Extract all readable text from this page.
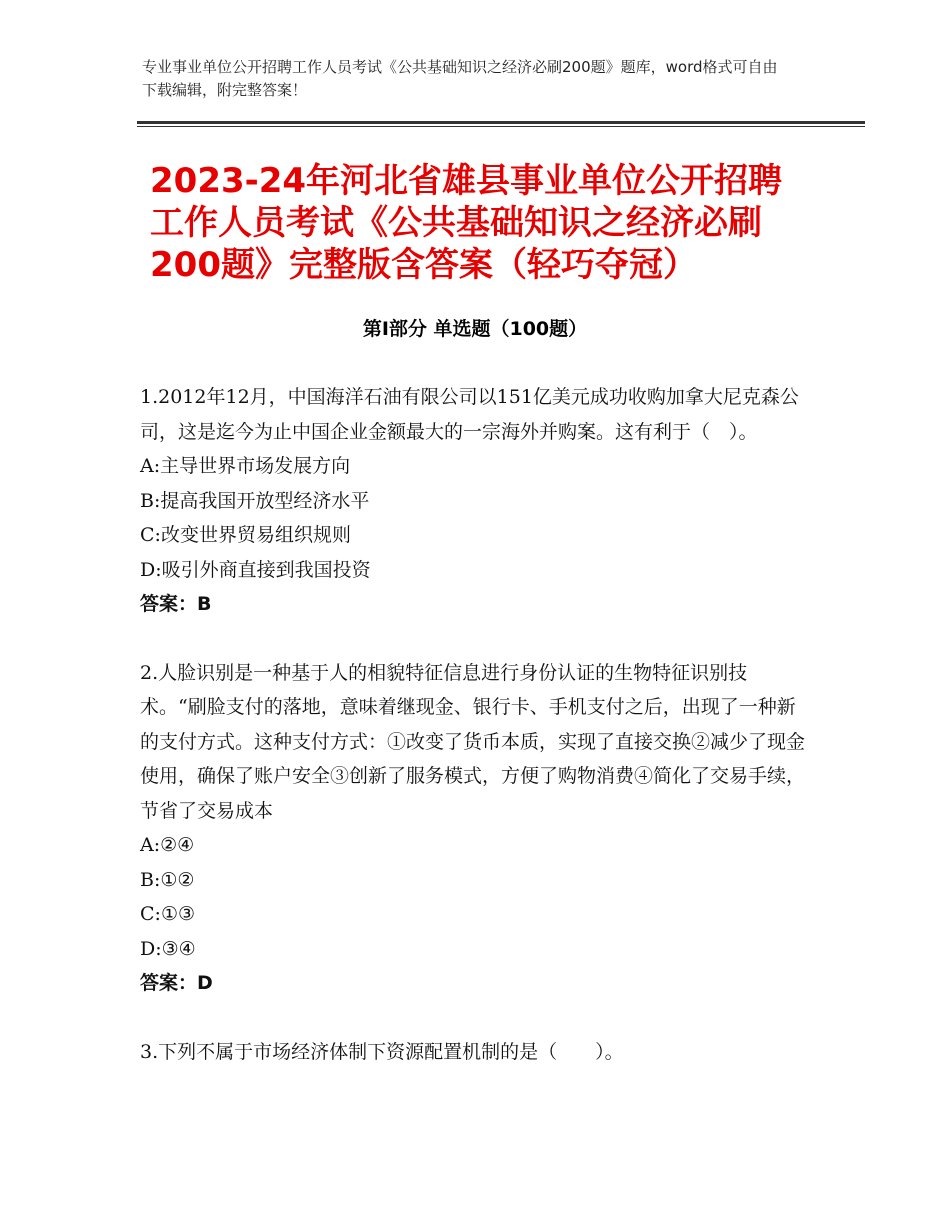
专业事业单位公开招聘工作人员考试《公共基础知识之经济必刷200题》题库，word格式可自由下载编辑，附完整答案！
2023-24年河北省雄县事业单位公开招聘工作人员考试《公共基础知识之经济必刷200题》完整版含答案（轻巧夺冠）
第Ⅰ部分 单选题（100题）

1.2012年12月，中国海洋石油有限公司以151亿美元成功收购加拿大尼克森公司，这是迄今为止中国企业金额最大的一宗海外并购案。这有利于（　）。

A:主导世界市场发展方向

B:提高我国开放型经济水平

C:改变世界贸易组织规则

D:吸引外商直接到我国投资

答案：B

2.人脸识别是一种基于人的相貌特征信息进行身份认证的生物特征识别技术。“刷脸支付的落地，意味着继现金、银行卡、手机支付之后，出现了一种新的支付方式。这种支付方式：①改变了货币本质，实现了直接交换②减少了现金使用，确保了账户安全③创新了服务模式，方便了购物消费④简化了交易手续，节省了交易成本

A:②④

B:①②

C:①③

D:③④

答案：D

3.下列不属于市场经济体制下资源配置机制的是（　　）。
